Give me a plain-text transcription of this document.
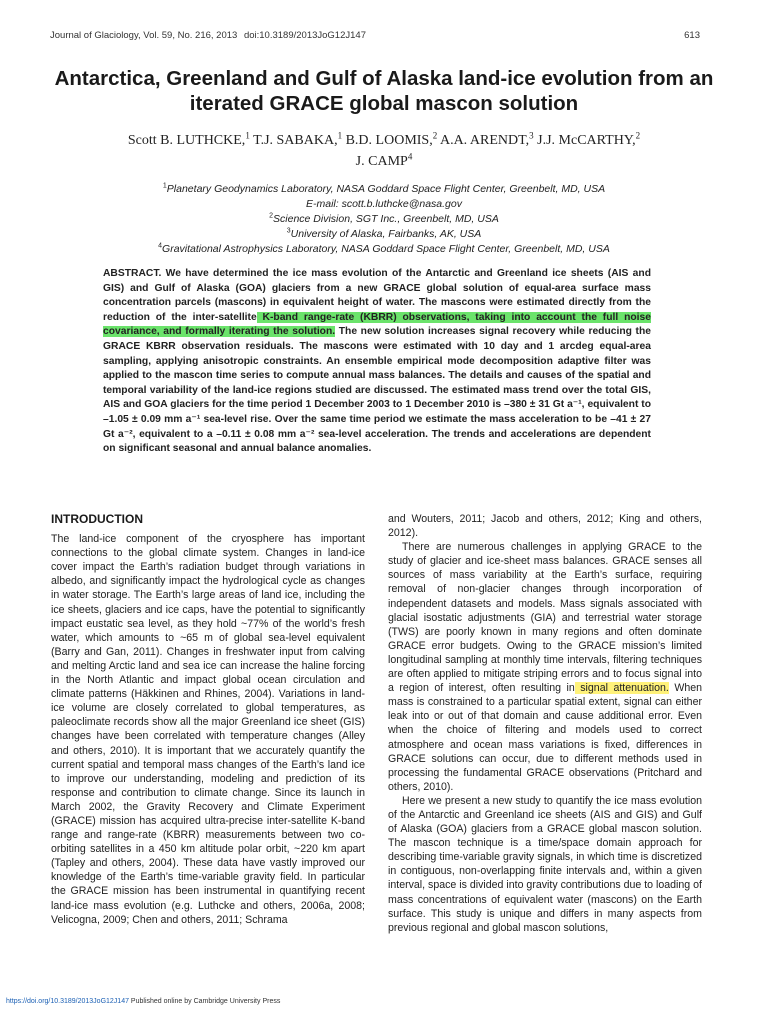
Journal of Glaciology, Vol. 59, No. 216, 2013 doi:10.3189/2013JoG12J147	613
Antarctica, Greenland and Gulf of Alaska land-ice evolution from an iterated GRACE global mascon solution
Scott B. LUTHCKE,$^1$ T.J. SABAKA,$^1$ B.D. LOOMIS,$^2$ A.A. ARENDT,$^3$ J.J. McCARTHY,$^2$
J. CAMP$^4$
$^1$Planetary Geodynamics Laboratory, NASA Goddard Space Flight Center, Greenbelt, MD, USA
E-mail: scott.b.luthcke@nasa.gov
$^2$Science Division, SGT Inc., Greenbelt, MD, USA
$^3$University of Alaska, Fairbanks, AK, USA
$^4$Gravitational Astrophysics Laboratory, NASA Goddard Space Flight Center, Greenbelt, MD, USA
ABSTRACT. We have determined the ice mass evolution of the Antarctic and Greenland ice sheets (AIS and GIS) and Gulf of Alaska (GOA) glaciers from a new GRACE global solution of equal-area surface mass concentration parcels (mascons) in equivalent height of water. The mascons were estimated directly from the reduction of the inter-satellite K-band range-rate (KBRR) observations, taking into account the full noise covariance, and formally iterating the solution. The new solution increases signal recovery while reducing the GRACE KBRR observation residuals. The mascons were estimated with 10 day and 1 arcdeg equal-area sampling, applying anisotropic constraints. An ensemble empirical mode decomposition adaptive filter was applied to the mascon time series to compute annual mass balances. The details and causes of the spatial and temporal variability of the land-ice regions studied are discussed. The estimated mass trend over the total GIS, AIS and GOA glaciers for the time period 1 December 2003 to 1 December 2010 is –380 ± 31 Gt a⁻¹, equivalent to –1.05 ± 0.09 mm a⁻¹ sea-level rise. Over the same time period we estimate the mass acceleration to be –41 ± 27 Gt a⁻², equivalent to a –0.11 ± 0.08 mm a⁻² sea-level acceleration. The trends and accelerations are dependent on significant seasonal and annual balance anomalies.
INTRODUCTION

The land-ice component of the cryosphere has important connections to the global climate system. Changes in land-ice cover impact the Earth’s radiation budget through variations in albedo, and significantly impact the hydrological cycle as changes in water storage. The Earth’s large areas of land ice, including the ice sheets, glaciers and ice caps, have the potential to significantly impact eustatic sea level, as they hold ~77% of the world’s fresh water, which amounts to ~65 m of global sea-level equivalent (Barry and Gan, 2011). Changes in freshwater input from calving and melting Arctic land and sea ice can increase the haline forcing in the North Atlantic and impact global ocean circulation and climate patterns (Häkkinen and Rhines, 2004). Variations in land-ice volume are closely correlated to global temperatures, as paleoclimate records show all the major Greenland ice sheet (GIS) changes have been correlated with temperature changes (Alley and others, 2010). It is important that we accurately quantify the current spatial and temporal mass changes of the Earth’s land ice to improve our understanding, modeling and prediction of its response and contribution to climate change. Since its launch in March 2002, the Gravity Recovery and Climate Experiment (GRACE) mission has acquired ultra-precise inter-satellite K-band range and range-rate (KBRR) measurements between two co-orbiting satellites in a 450 km altitude polar orbit, ~220 km apart (Tapley and others, 2004). These data have vastly improved our knowledge of the Earth’s time-variable gravity field. In particular the GRACE mission has been instrumental in quantifying recent land-ice mass evolution (e.g. Luthcke and others, 2006a, 2008; Velicogna, 2009; Chen and others, 2011; Schrama

and Wouters, 2011; Jacob and others, 2012; King and others, 2012).

There are numerous challenges in applying GRACE to the study of glacier and ice-sheet mass balances. GRACE senses all sources of mass variability at the Earth’s surface, requiring removal of non-glacier changes through incorporation of independent datasets and models. Mass signals associated with glacial isostatic adjustments (GIA) and terrestrial water storage (TWS) are poorly known in many regions and often dominate GRACE error budgets. Owing to the GRACE mission’s limited longitudinal sampling at monthly time intervals, filtering techniques are often applied to mitigate striping errors and to focus signal into a region of interest, often resulting in signal attenuation. When mass is constrained to a particular spatial extent, signal can either leak into or out of that domain and cause additional error. Even when the choice of filtering and models used to correct atmosphere and ocean mass variations is fixed, differences in GRACE solutions can occur, due to different methods used in processing the fundamental GRACE observations (Pritchard and others, 2010).

Here we present a new study to quantify the ice mass evolution of the Antarctic and Greenland ice sheets (AIS and GIS) and Gulf of Alaska (GOA) glaciers from a GRACE global mascon solution. The mascon technique is a time/space domain approach for describing time-variable gravity signals, in which time is discretized in contiguous, non-overlapping finite intervals and, within a given interval, space is divided into gravity contributions due to loading of mass concentrations of equivalent water (mascons) on the Earth surface. This study is unique and differs in many aspects from previous regional and global mascon solutions,

https://doi.org/10.3189/2013JoG12J147 Published online by Cambridge University Press
